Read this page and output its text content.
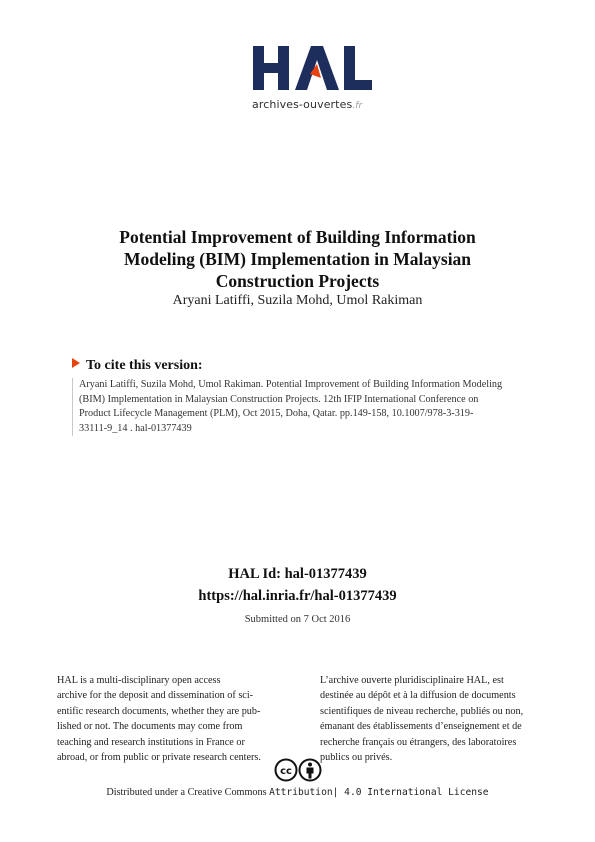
archives-ouvertes.fr
Potential Improvement of Building Information
Modeling (BIM) Implementation in Malaysian
Construction Projects
Aryani Latiffi, Suzila Mohd, Umol Rakiman
To cite this version:
Aryani Latiffi, Suzila Mohd, Umol Rakiman. Potential Improvement of Building Information Modeling
(BIM) Implementation in Malaysian Construction Projects. 12th IFIP International Conference on
Product Lifecycle Management (PLM), Oct 2015, Doha, Qatar. pp.149-158, 10.1007/978-3-319-
33111-9_14 . hal-01377439
HAL Id: hal-01377439
https://hal.inria.fr/hal-01377439
Submitted on 7 Oct 2016
HAL is a multi-disciplinary open access
archive for the deposit and dissemination of sci-
entific research documents, whether they are pub-
lished or not. The documents may come from
teaching and research institutions in France or
abroad, or from public or private research centers.
L’archive ouverte pluridisciplinaire HAL, est
destinée au dépôt et à la diffusion de documents
scientifiques de niveau recherche, publiés ou non,
émanant des établissements d’enseignement et de
recherche français ou étrangers, des laboratoires
publics ou privés.
cc
Distributed under a Creative Commons Attribution| 4.0 International License
